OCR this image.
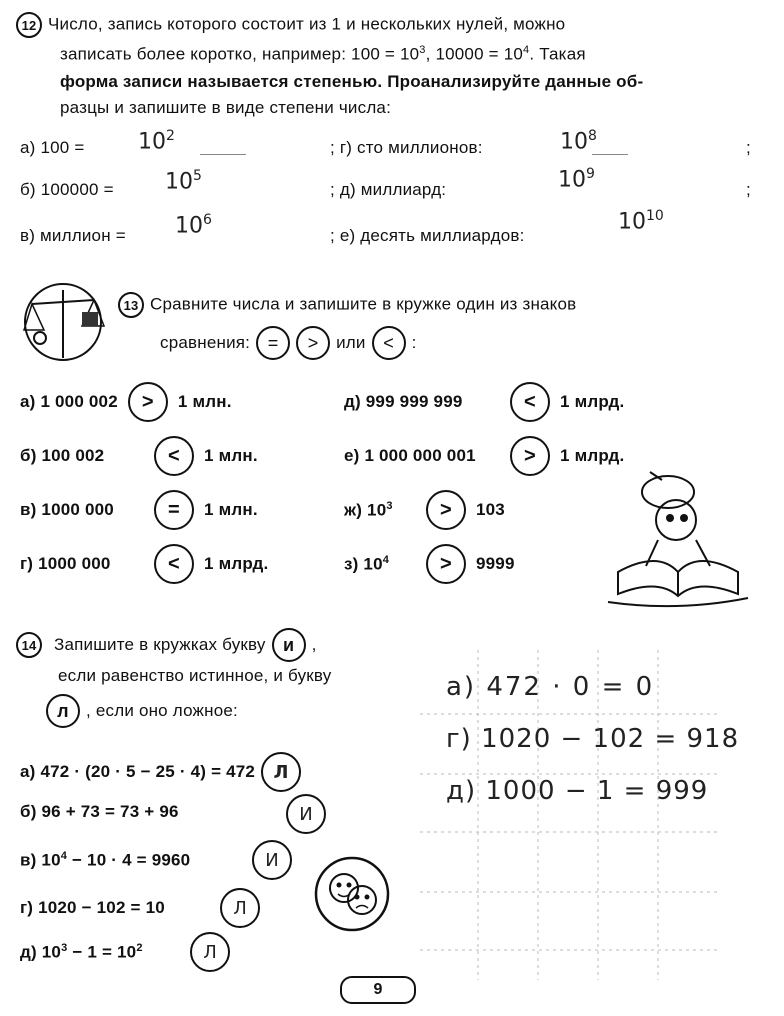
12 Число, запись которого состоит из 1 и нескольких нулей, можно
записать более коротко, например: $100 = 10^3$, $10000 = 10^4$. Такая
форма записи называется степенью. Проанализируйте данные об-
разцы и запишите в виде степени числа:
а) $100 = 10^2$
б) $100000 = 10^5$
в) миллион = $10^6$
; г) сто миллионов:	$10^8$
;
; д) миллиард:	$10^9$
;
; е) десять миллиардов:
$10^{10}$
13 Сравните числа и запишите в кружке один из знаков
сравнения: =	>	или <	:
а) 1 000 002	>	1 млн.
б) 100 002	<	1 млн.
в) 1000 000	=	1 млн.
г) 1000 000	<	1 млрд.
д) 999 999 999	<	1 млрд.
е) 1 000 000 001	>	1 млрд.
ж) $10^3$	>	103
з) $10^4$	>	9999
14	Запишите в кружках букву и	,
если равенство истинное, и букву
л	, если оно ложное:
а) 472 · (20 · 5 − 25 · 4) = 472	Л
б) 96 + 73 = 73 + 96	И
в) $10^4 - 10 \cdot 4 = 9960$	И
г) 1020 − 102 = 10	Л
д) $10^3 - 1 = 10^2$	Л
а) 472 · 0 = 0
г) 1020 − 102 = 918
д) 1000 − 1 = 999
9
